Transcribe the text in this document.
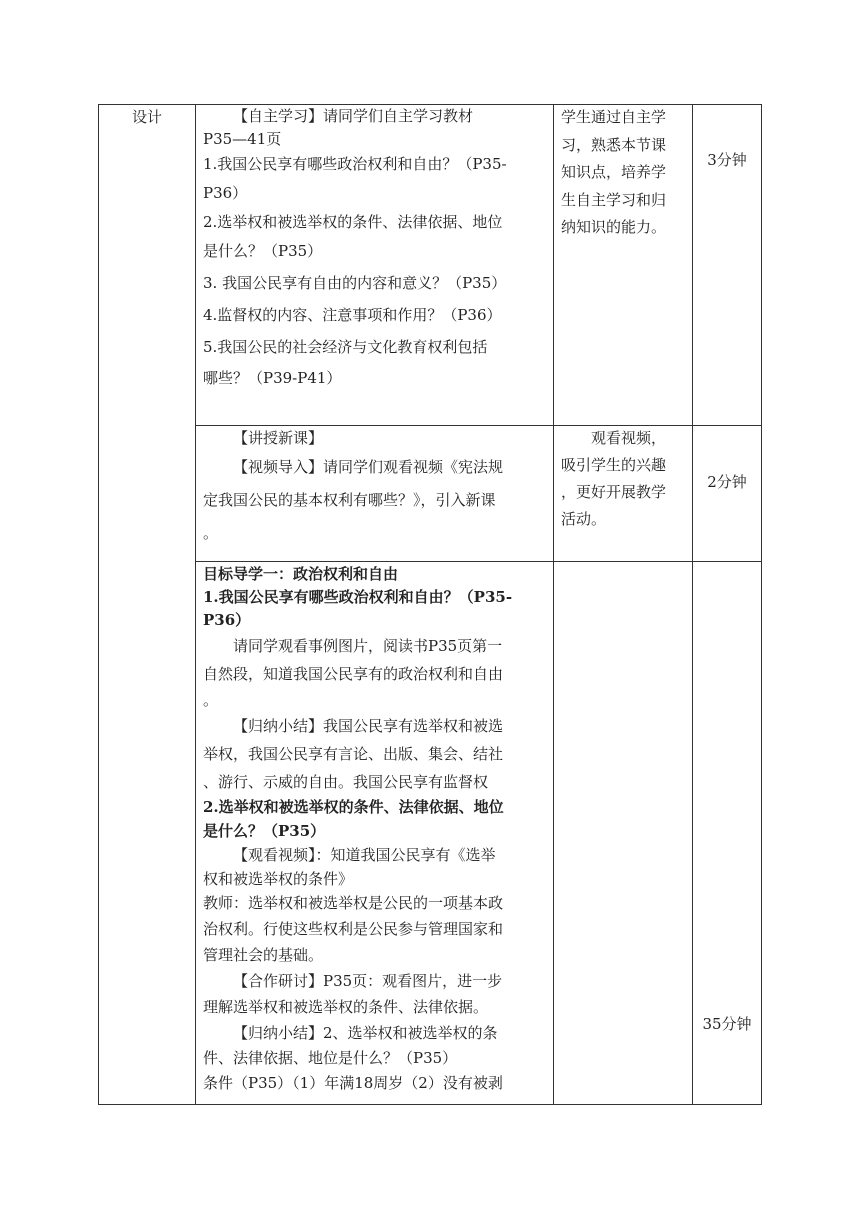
设计	【自主学习】请同学们自主学习教材

P35—41页

1.我国公民享有哪些政治权利和自由？（P35-

P36）

2.选举权和被选举权的条件、法律依据、地位

是什么？（P35）

3. 我国公民享有自由的内容和意义？（P35）

4.监督权的内容、注意事项和作用？（P36）

5.我国公民的社会经济与文化教育权利包括

哪些？（P39-P41）

学生通过自主学

习，熟悉本节课

知识点，培养学

生自主学习和归

纳知识的能力。

3分钟

【讲授新课】

【视频导入】请同学们观看视频《宪法规

定我国公民的基本权利有哪些？》，引入新课

。

观看视频，

吸引学生的兴趣

，更好开展教学

活动。

2分钟

目标导学一：政治权利和自由

1.我国公民享有哪些政治权利和自由？（P35-

P36）

请同学观看事例图片，阅读书P35页第一

自然段，知道我国公民享有的政治权利和自由

。

【归纳小结】我国公民享有选举权和被选

举权，我国公民享有言论、出版、集会、结社

、游行、示威的自由。我国公民享有监督权

2.选举权和被选举权的条件、法律依据、地位

是什么？（P35）

【观看视频】：知道我国公民享有《选举

权和被选举权的条件》

教师：选举权和被选举权是公民的一项基本政

治权利。行使这些权利是公民参与管理国家和

管理社会的基础。

【合作研讨】P35页：观看图片，进一步

理解选举权和被选举权的条件、法律依据。

【归纳小结】2、选举权和被选举权的条

件、法律依据、地位是什么？（P35）

条件（P35）（1）年满18周岁（2）没有被剥

35分钟
